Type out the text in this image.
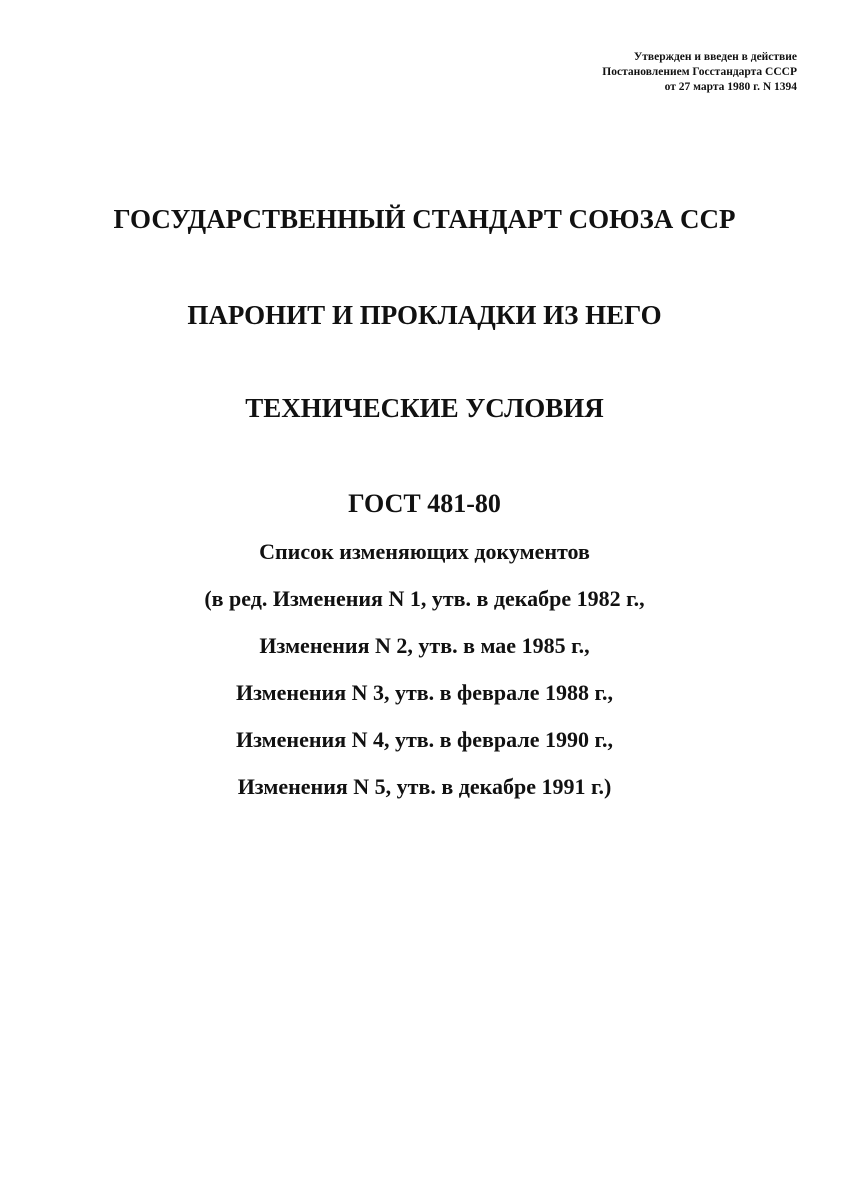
Утвержден и введен в действие
Постановлением Госстандарта СССР
от 27 марта 1980 г. N 1394
ГОСУДАРСТВЕННЫЙ СТАНДАРТ СОЮЗА ССР
ПАРОНИТ И ПРОКЛАДКИ ИЗ НЕГО
ТЕХНИЧЕСКИЕ УСЛОВИЯ
ГОСТ 481-80
Список изменяющих документов
(в ред. Изменения N 1, утв. в декабре 1982 г.,
Изменения N 2, утв. в мае 1985 г.,
Изменения N 3, утв. в феврале 1988 г.,
Изменения N 4, утв. в феврале 1990 г.,
Изменения N 5, утв. в декабре 1991 г.)
